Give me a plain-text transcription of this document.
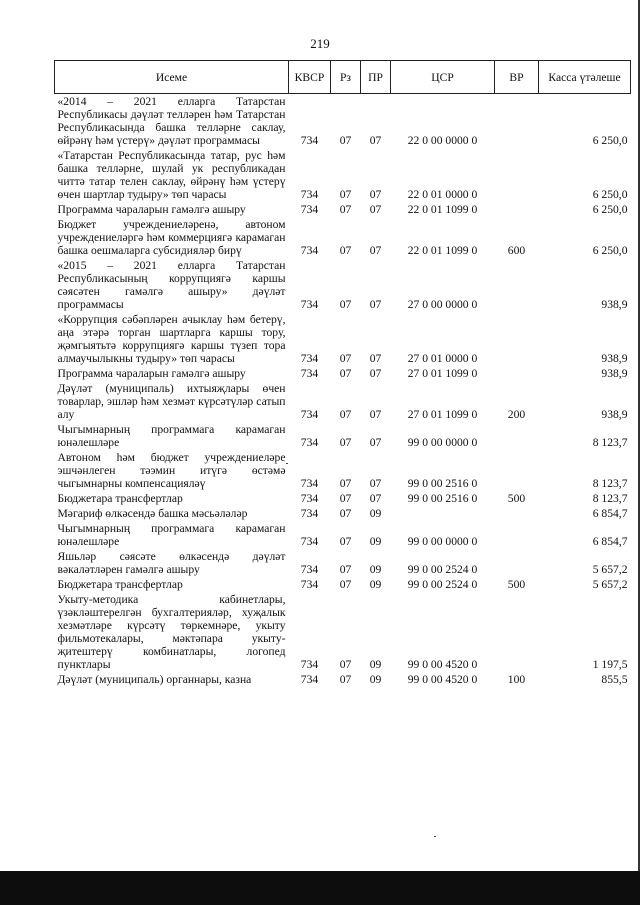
219
Исеме	КВСР	Рз	ПР	ЦСР	ВР	Касса үтәлеше
«2014 – 2021 елларга Татарстан Республикасы дәүләт телләрен һәм Татарстан Республикасында башка телләрне саклау, өйрәнү һәм үстерү» дәүләт программасы	734	07	07	22 0 00 0000 0		6 250,0
«Татарстан Республикасында татар, рус һәм башка телләрне, шулай ук республикадан читтә татар телен саклау, өйрәнү һәм үстерү өчен шартлар тудыру» төп чарасы	734	07	07	22 0 01 0000 0		6 250,0
Программа чараларын гамәлгә ашыру	734	07	07	22 0 01 1099 0		6 250,0
Бюджет учреждениеләренә, автоном учреждениеләргә һәм коммерциягә карамаган башка оешмаларга субсидияләр бирү	734	07	07	22 0 01 1099 0	600	6 250,0
«2015 – 2021 елларга Татарстан Республикасының коррупциягә каршы сәясәтен гамәлгә ашыру» дәүләт программасы	734	07	07	27 0 00 0000 0		938,9
«Коррупция сәбәпләрен ачыклау һәм бетерү, аңа этәрә торган шартларга каршы тору, җәмгыятьтә коррупциягә каршы түзеп тора алмаучылыкны тудыру» төп чарасы	734	07	07	27 0 01 0000 0		938,9
Программа чараларын гамәлгә ашыру	734	07	07	27 0 01 1099 0		938,9
Дәүләт (муниципаль) ихтыяҗлары өчен товарлар, эшләр һәм хезмәт күрсәтүләр сатып алу	734	07	07	27 0 01 1099 0	200	938,9
Чыгымнарның программага карамаган юнәлешләре	734	07	07	99 0 00 0000 0		8 123,7
Автоном һәм бюджет учреждениеләре эшчәнлеген тәэмин итүгә өстәмә чыгымнарны компенсацияләү	734	07	07	99 0 00 2516 0		8 123,7
Бюджетара трансфертлар	734	07	07	99 0 00 2516 0	500	8 123,7
Мәгариф өлкәсендә башка мәсьәләләр	734	07	09			6 854,7
Чыгымнарның программага карамаган юнәлешләре	734	07	09	99 0 00 0000 0		6 854,7
Яшьләр сәясәте өлкәсендә дәүләт вәкаләтләрен гамәлгә ашыру	734	07	09	99 0 00 2524 0		5 657,2
Бюджетара трансфертлар	734	07	09	99 0 00 2524 0	500	5 657,2
Укыту-методика кабинетлары, үзәкләштерелгән бухгалтерияләр, хуҗалык хезмәтләре күрсәтү төркемнәре, укыту фильмотекалары, мәктәпара укыту-җитештерү комбинатлары, логопед пунктлары	734	07	09	99 0 00 4520 0		1 197,5
Дәүләт (муниципаль) органнары, казна	734	07	09	99 0 00 4520 0	100	855,5
